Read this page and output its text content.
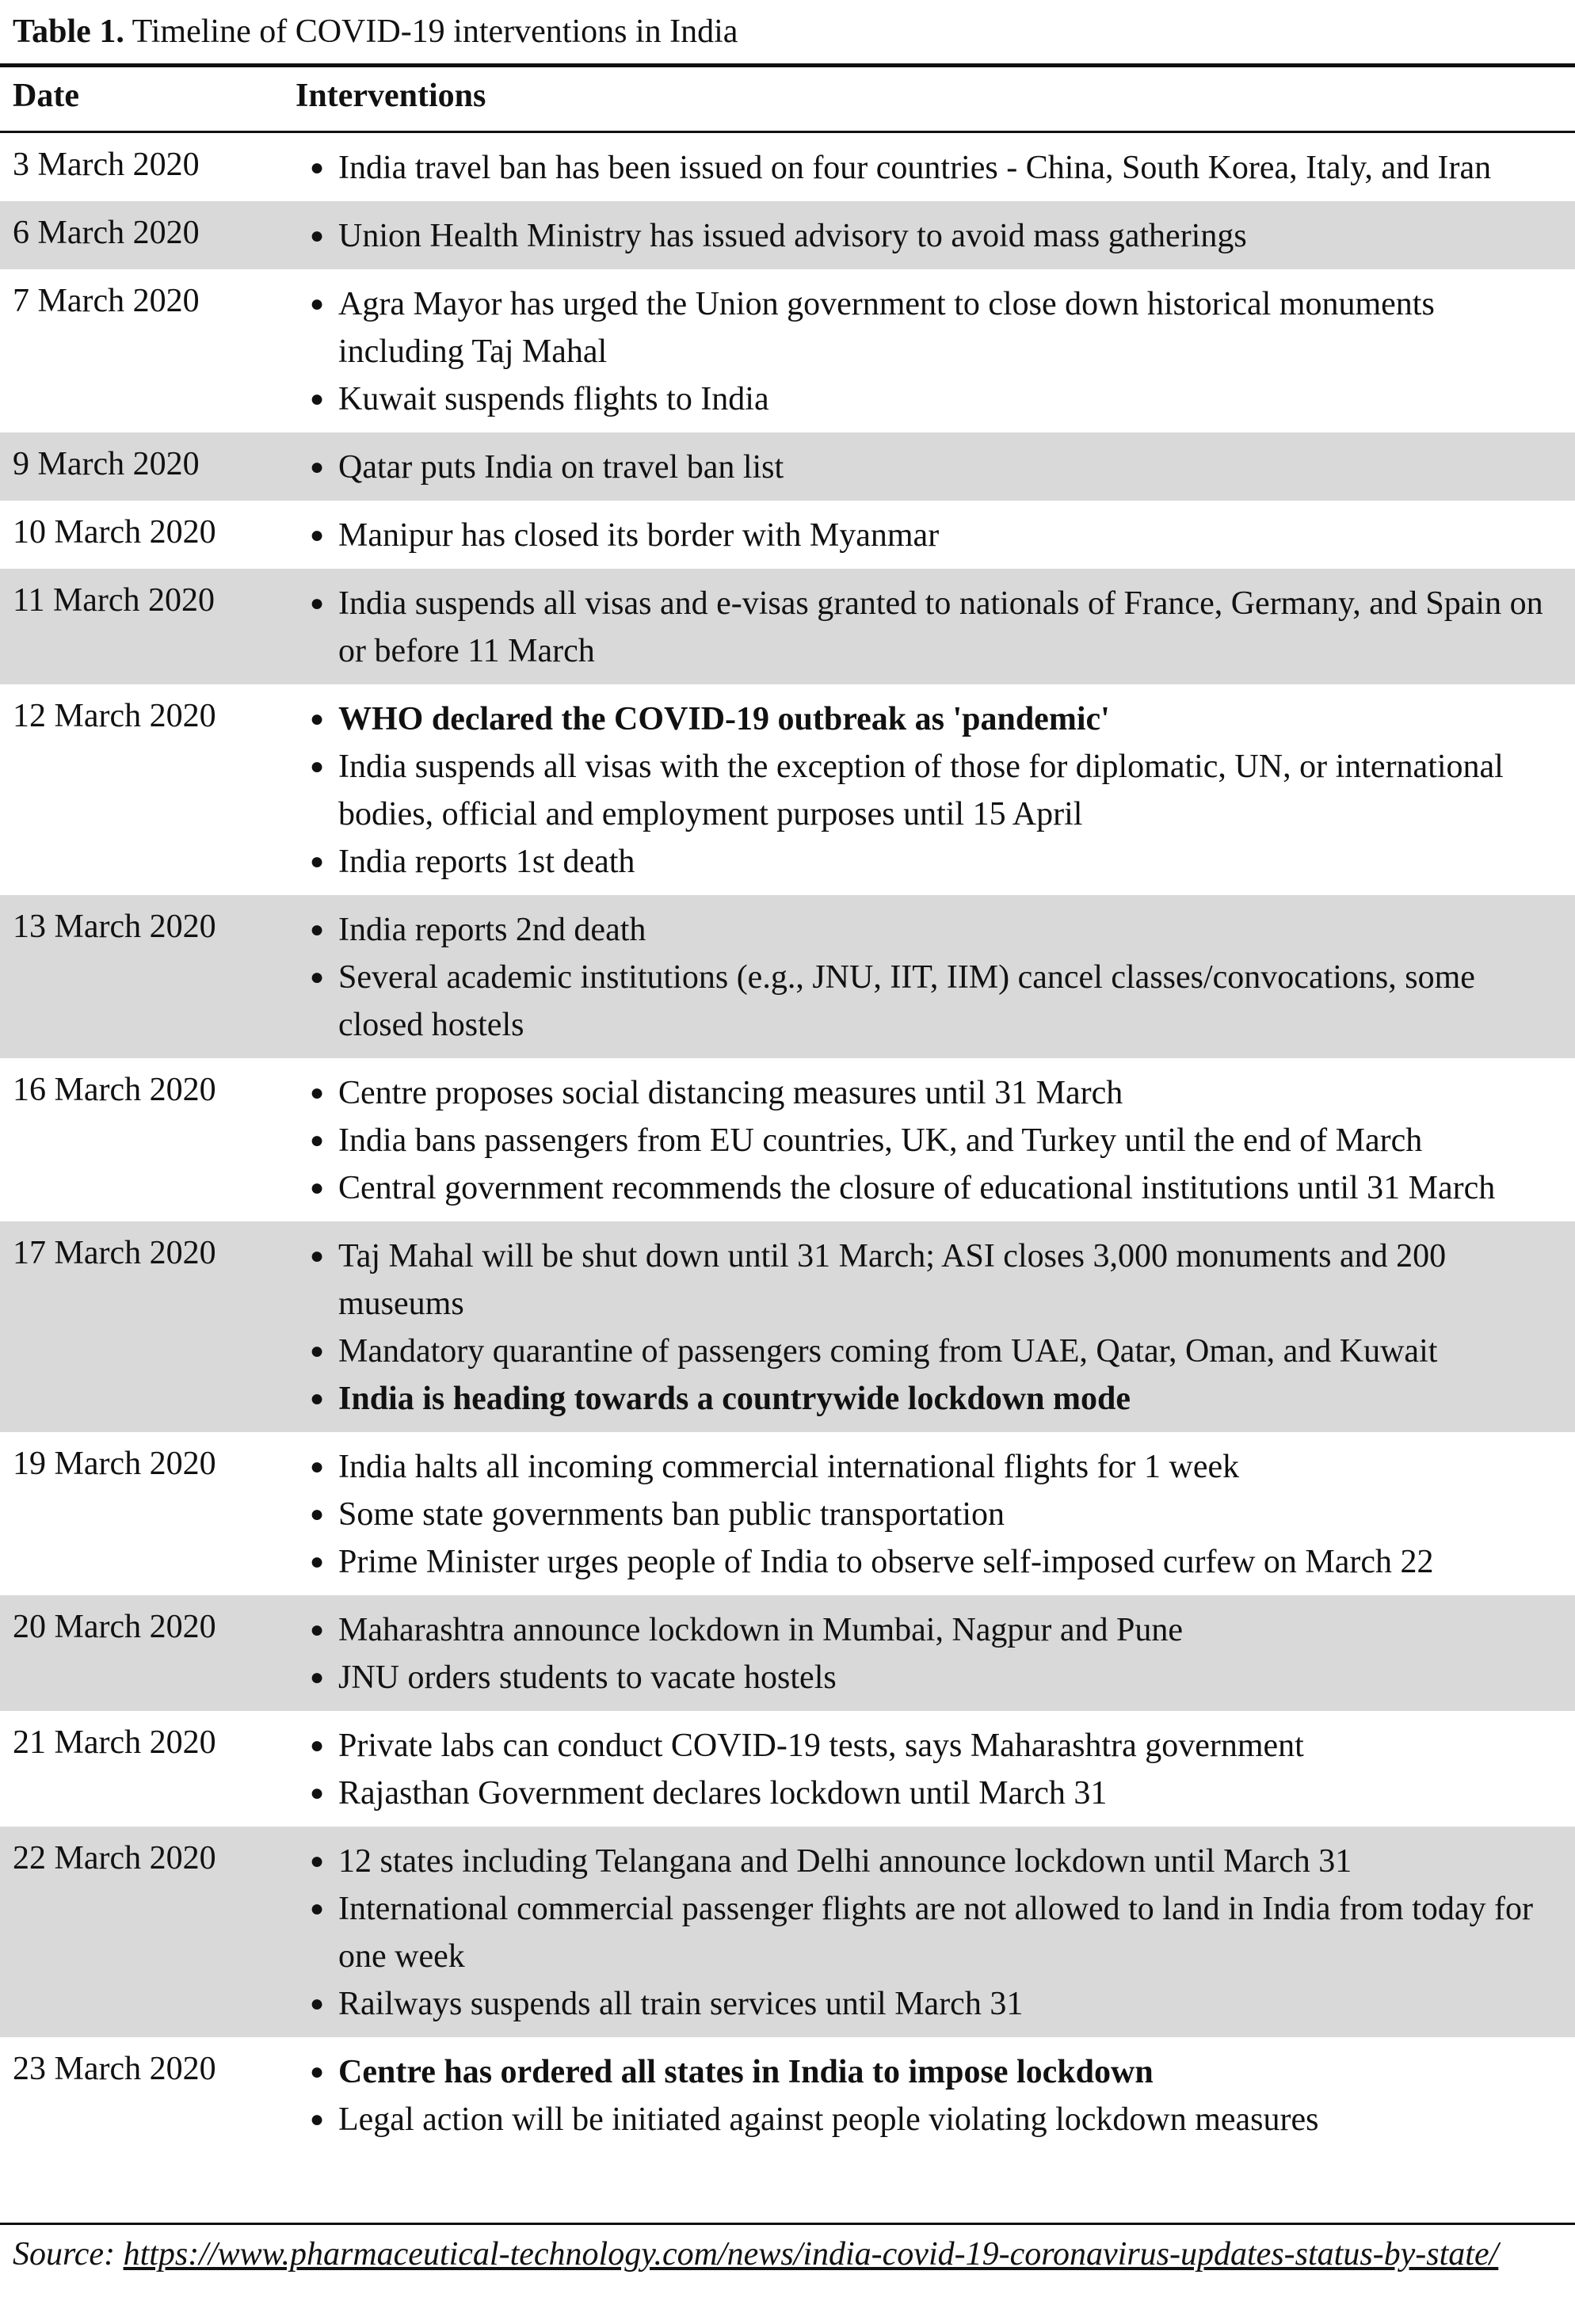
Table 1. Timeline of COVID-19 interventions in India
Date	Interventions
3 March 2020	● India travel ban has been issued on four countries - China, South Korea, Italy, and Iran
6 March 2020	● Union Health Ministry has issued advisory to avoid mass gatherings
7 March 2020	● Agra Mayor has urged the Union government to close down historical monuments including Taj Mahal
● Kuwait suspends flights to India
9 March 2020	● Qatar puts India on travel ban list
10 March 2020	● Manipur has closed its border with Myanmar
11 March 2020	● India suspends all visas and e-visas granted to nationals of France, Germany, and Spain on or before 11 March
12 March 2020	● WHO declared the COVID-19 outbreak as 'pandemic'
● India suspends all visas with the exception of those for diplomatic, UN, or international bodies, official and employment purposes until 15 April
● India reports 1st death
13 March 2020	● India reports 2nd death
● Several academic institutions (e.g., JNU, IIT, IIM) cancel classes/convocations, some closed hostels
16 March 2020	● Centre proposes social distancing measures until 31 March
● India bans passengers from EU countries, UK, and Turkey until the end of March
● Central government recommends the closure of educational institutions until 31 March
17 March 2020	● Taj Mahal will be shut down until 31 March; ASI closes 3,000 monuments and 200 museums
● Mandatory quarantine of passengers coming from UAE, Qatar, Oman, and Kuwait
● India is heading towards a countrywide lockdown mode
19 March 2020	● India halts all incoming commercial international flights for 1 week
● Some state governments ban public transportation
● Prime Minister urges people of India to observe self-imposed curfew on March 22
20 March 2020	● Maharashtra announce lockdown in Mumbai, Nagpur and Pune
● JNU orders students to vacate hostels
21 March 2020	● Private labs can conduct COVID-19 tests, says Maharashtra government
● Rajasthan Government declares lockdown until March 31
22 March 2020	● 12 states including Telangana and Delhi announce lockdown until March 31
● International commercial passenger flights are not allowed to land in India from today for one week
● Railways suspends all train services until March 31
23 March 2020	● Centre has ordered all states in India to impose lockdown
● Legal action will be initiated against people violating lockdown measures
Source: https://www.pharmaceutical-technology.com/news/india-covid-19-coronavirus-updates-status-by-state/
